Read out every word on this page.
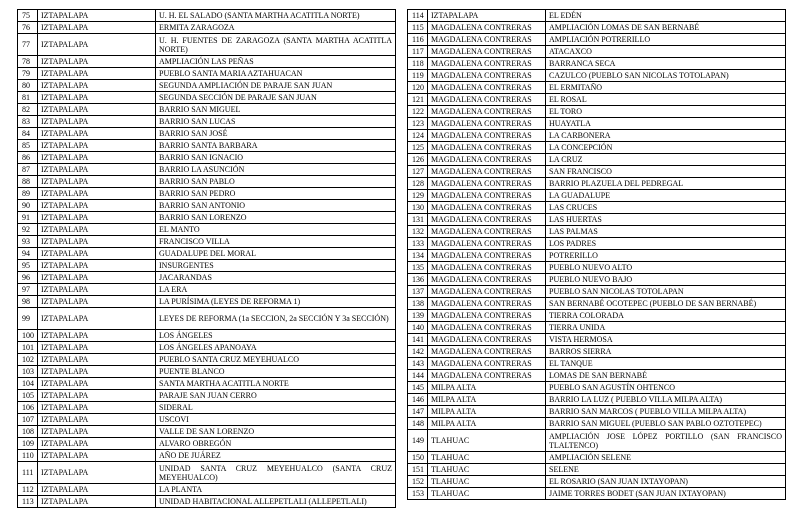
75	IZTAPALAPA	U. H. EL SALADO (SANTA MARTHA ACATITLA NORTE)
76	IZTAPALAPA	ERMITA ZARAGOZA
77	IZTAPALAPA	U. H. FUENTES DE ZARAGOZA (SANTA MARTHA ACATITLA NORTE)
78	IZTAPALAPA	AMPLIACIÓN LAS PEÑAS
79	IZTAPALAPA	PUEBLO SANTA MARIA AZTAHUACAN
80	IZTAPALAPA	SEGUNDA AMPLIACIÓN DE PARAJE SAN JUAN
81	IZTAPALAPA	SEGUNDA SECCIÓN DE PARAJE SAN JUAN
82	IZTAPALAPA	BARRIO SAN MIGUEL
83	IZTAPALAPA	BARRIO SAN LUCAS
84	IZTAPALAPA	BARRIO SAN JOSÉ
85	IZTAPALAPA	BARRIO SANTA BARBARA
86	IZTAPALAPA	BARRIO SAN IGNACIO
87	IZTAPALAPA	BARRIO LA ASUNCIÓN
88	IZTAPALAPA	BARRIO SAN PABLO
89	IZTAPALAPA	BARRIO SAN PEDRO
90	IZTAPALAPA	BARRIO SAN ANTONIO
91	IZTAPALAPA	BARRIO SAN LORENZO
92	IZTAPALAPA	EL MANTO
93	IZTAPALAPA	FRANCISCO VILLA
94	IZTAPALAPA	GUADALUPE DEL MORAL
95	IZTAPALAPA	INSURGENTES
96	IZTAPALAPA	JACARANDAS
97	IZTAPALAPA	LA ERA
98	IZTAPALAPA	LA PURÍSIMA (LEYES DE REFORMA 1)
99	IZTAPALAPA	LEYES DE REFORMA (1a SECCION, 2a SECCIÓN Y 3a SECCIÓN)
100	IZTAPALAPA	LOS ÁNGELES
101	IZTAPALAPA	LOS ÁNGELES APANOAYA
102	IZTAPALAPA	PUEBLO SANTA CRUZ MEYEHUALCO
103	IZTAPALAPA	PUENTE BLANCO
104	IZTAPALAPA	SANTA MARTHA ACATITLA NORTE
105	IZTAPALAPA	PARAJE SAN JUAN CERRO
106	IZTAPALAPA	SIDERAL
107	IZTAPALAPA	USCOVI
108	IZTAPALAPA	VALLE DE SAN LORENZO
109	IZTAPALAPA	ALVARO OBREGÓN
110	IZTAPALAPA	AÑO DE JUÁREZ
111	IZTAPALAPA	UNIDAD SANTA CRUZ MEYEHUALCO (SANTA CRUZ MEYEHUALCO)
112	IZTAPALAPA	LA PLANTA
113	IZTAPALAPA	UNIDAD HABITACIONAL ALLEPETLALI (ALLEPETLALI)
114	IZTAPALAPA	EL EDÉN
115	MAGDALENA CONTRERAS	AMPLIACIÓN LOMAS DE SAN BERNABÉ
116	MAGDALENA CONTRERAS	AMPLIACIÓN POTRERILLO
117	MAGDALENA CONTRERAS	ATACAXCO
118	MAGDALENA CONTRERAS	BARRANCA SECA
119	MAGDALENA CONTRERAS	CAZULCO (PUEBLO SAN NICOLAS TOTOLAPAN)
120	MAGDALENA CONTRERAS	EL ERMITAÑO
121	MAGDALENA CONTRERAS	EL ROSAL
122	MAGDALENA CONTRERAS	EL TORO
123	MAGDALENA CONTRERAS	HUAYATLA
124	MAGDALENA CONTRERAS	LA CARBONERA
125	MAGDALENA CONTRERAS	LA CONCEPCIÓN
126	MAGDALENA CONTRERAS	LA CRUZ
127	MAGDALENA CONTRERAS	SAN FRANCISCO
128	MAGDALENA CONTRERAS	BARRIO PLAZUELA DEL PEDREGAL
129	MAGDALENA CONTRERAS	LA GUADALUPE
130	MAGDALENA CONTRERAS	LAS CRUCES
131	MAGDALENA CONTRERAS	LAS HUERTAS
132	MAGDALENA CONTRERAS	LAS PALMAS
133	MAGDALENA CONTRERAS	LOS PADRES
134	MAGDALENA CONTRERAS	POTRERILLO
135	MAGDALENA CONTRERAS	PUEBLO NUEVO ALTO
136	MAGDALENA CONTRERAS	PUEBLO NUEVO BAJO
137	MAGDALENA CONTRERAS	PUEBLO SAN NICOLAS TOTOLAPAN
138	MAGDALENA CONTRERAS	SAN BERNABÉ OCOTEPEC (PUEBLO DE SAN BERNABÉ)
139	MAGDALENA CONTRERAS	TIERRA COLORADA
140	MAGDALENA CONTRERAS	TIERRA UNIDA
141	MAGDALENA CONTRERAS	VISTA HERMOSA
142	MAGDALENA CONTRERAS	BARROS SIERRA
143	MAGDALENA CONTRERAS	EL TANQUE
144	MAGDALENA CONTRERAS	LOMAS DE SAN BERNABÉ
145	MILPA ALTA	PUEBLO SAN AGUSTÍN OHTENCO
146	MILPA ALTA	BARRIO LA LUZ ( PUEBLO VILLA MILPA ALTA)
147	MILPA ALTA	BARRIO SAN MARCOS ( PUEBLO VILLA MILPA ALTA)
148	MILPA ALTA	BARRIO SAN MIGUEL (PUEBLO SAN PABLO OZTOTEPEC)
149	TLAHUAC	AMPLIACIÓN JOSE LÓPEZ PORTILLO (SAN FRANCISCO TLALTENCO)
150	TLAHUAC	AMPLIACIÓN SELENE
151	TLAHUAC	SELENE
152	TLAHUAC	EL ROSARIO (SAN JUAN IXTAYOPAN)
153	TLAHUAC	JAIME TORRES BODET (SAN JUAN IXTAYOPAN)
